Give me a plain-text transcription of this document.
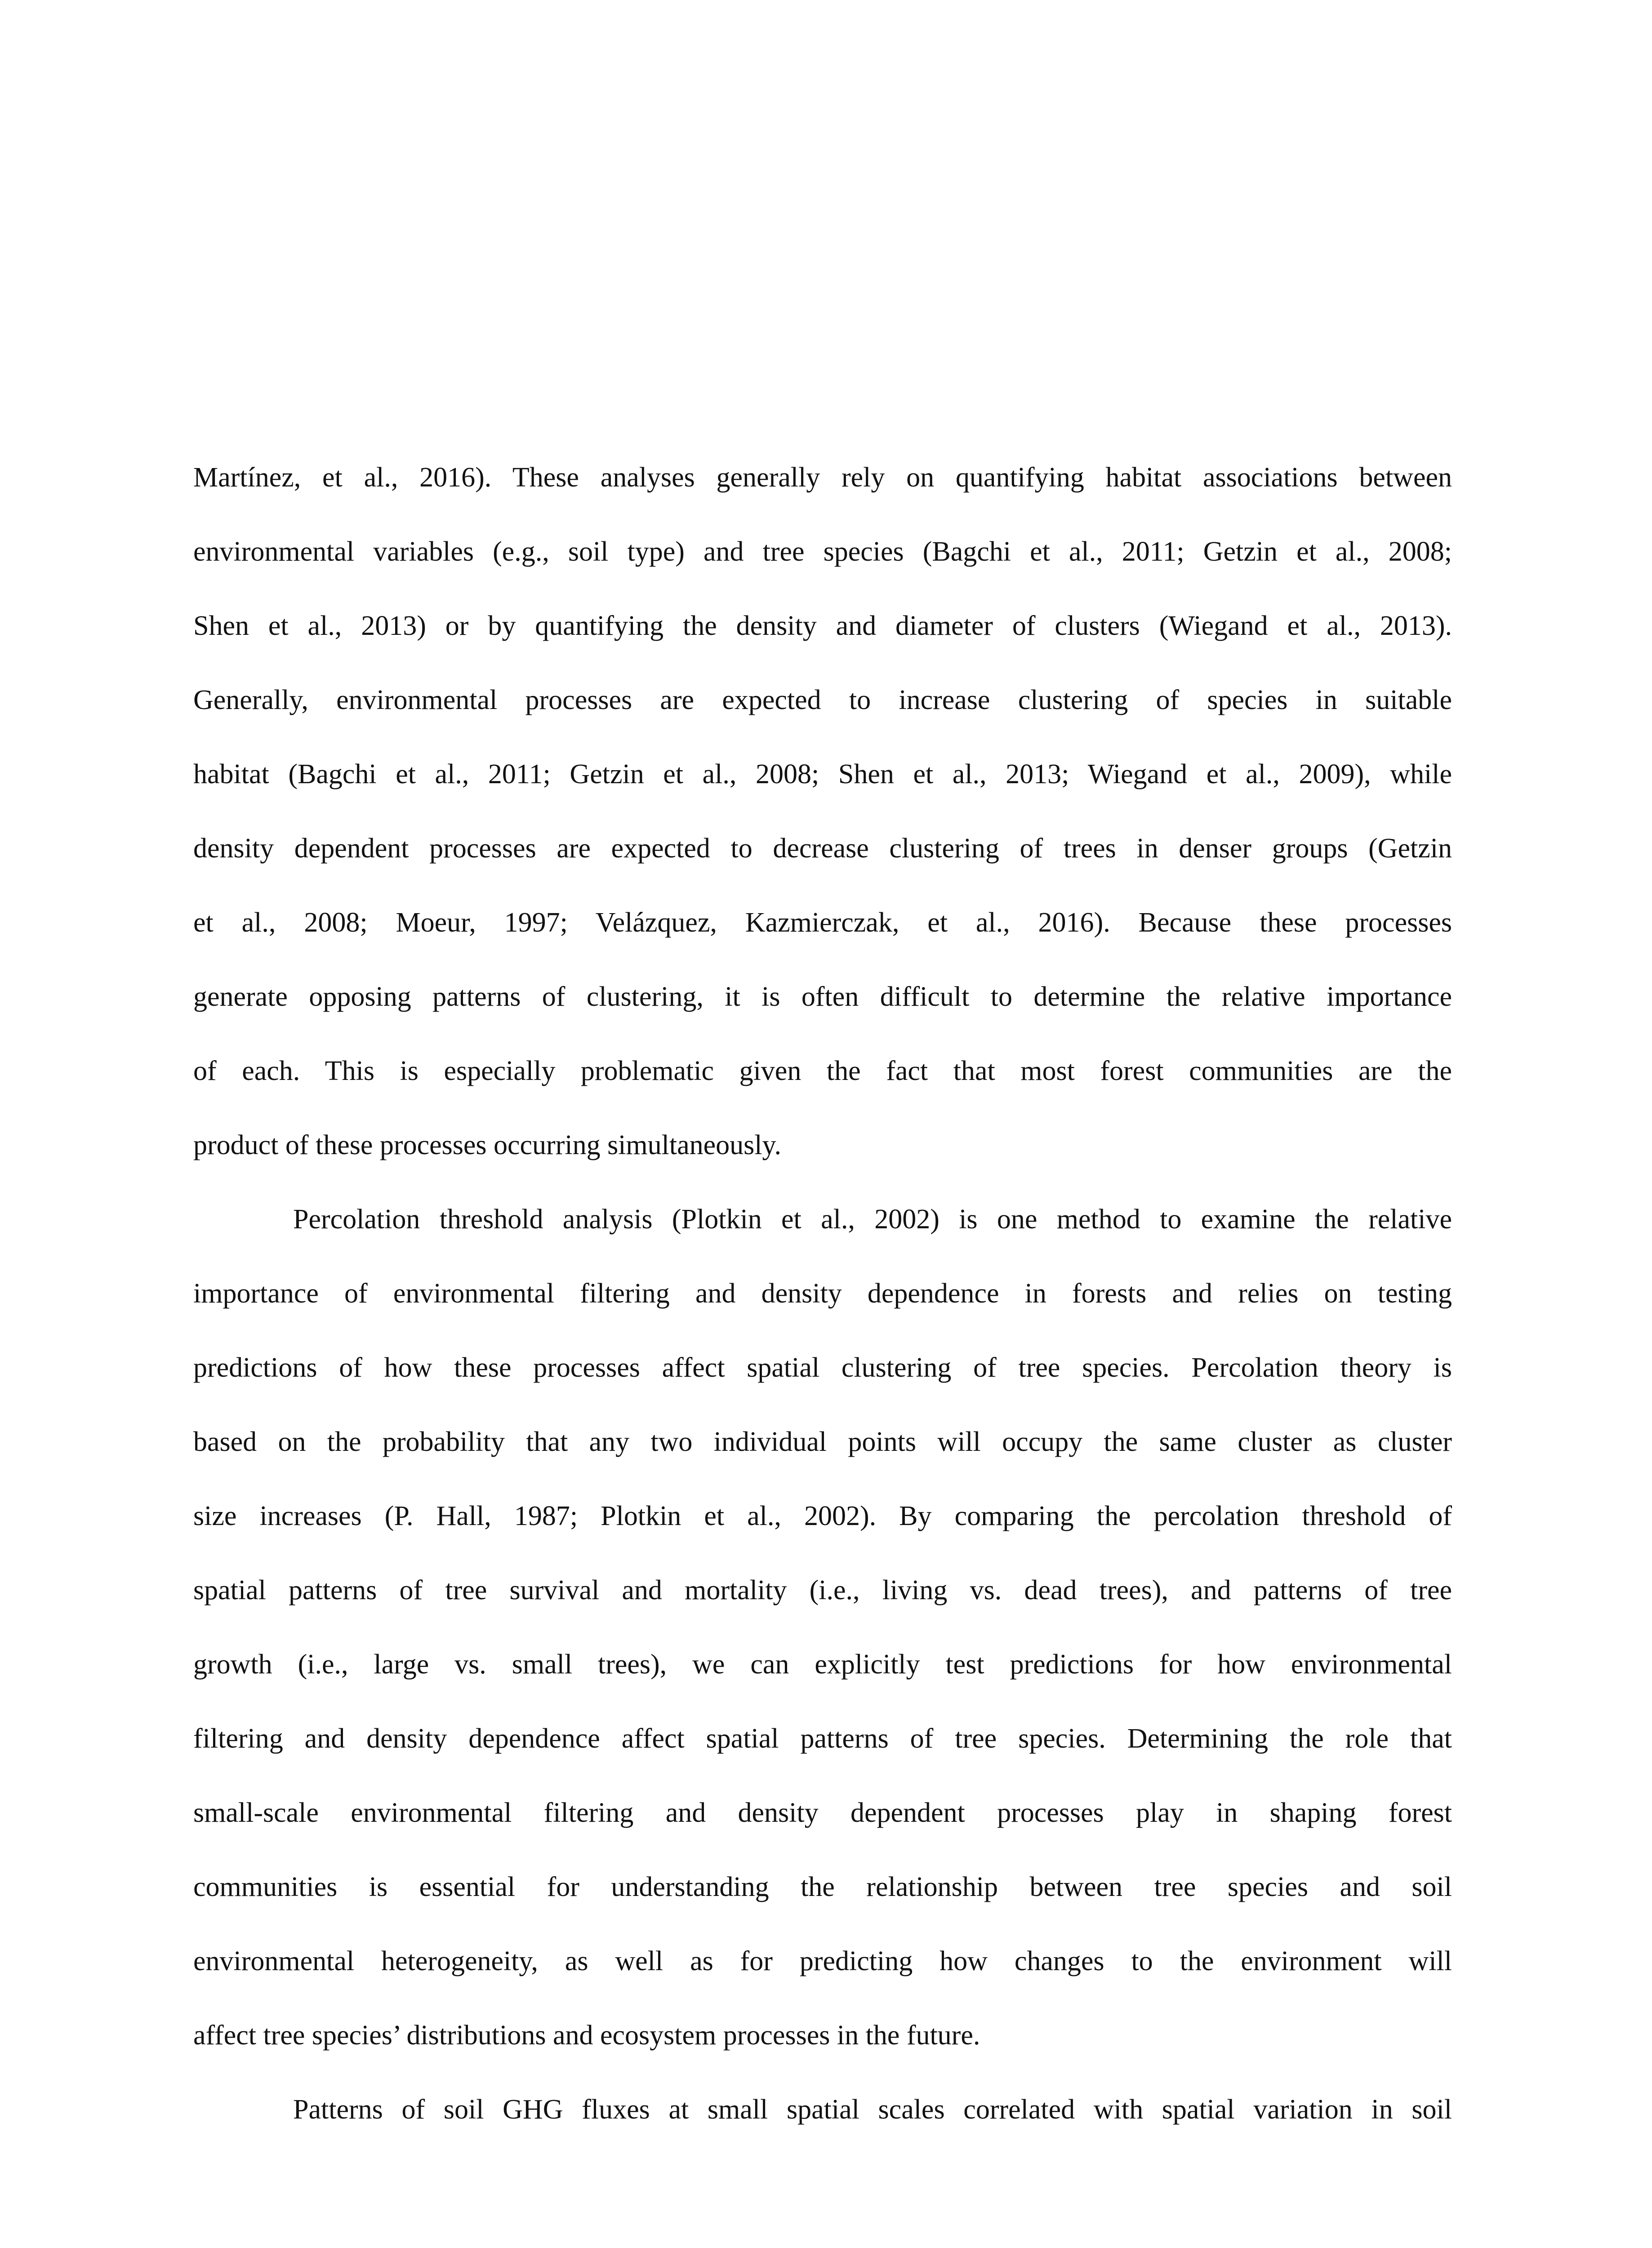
Martínez, et al., 2016). These analyses generally rely on quantifying habitat associations between
environmental variables (e.g., soil type) and tree species (Bagchi et al., 2011; Getzin et al., 2008;
Shen et al., 2013) or by quantifying the density and diameter of clusters (Wiegand et al., 2013).
Generally, environmental processes are expected to increase clustering of species in suitable
habitat (Bagchi et al., 2011; Getzin et al., 2008; Shen et al., 2013; Wiegand et al., 2009), while
density dependent processes are expected to decrease clustering of trees in denser groups (Getzin
et al., 2008; Moeur, 1997; Velázquez, Kazmierczak, et al., 2016). Because these processes
generate opposing patterns of clustering, it is often difficult to determine the relative importance
of each. This is especially problematic given the fact that most forest communities are the
product of these processes occurring simultaneously.
Percolation threshold analysis (Plotkin et al., 2002) is one method to examine the relative
importance of environmental filtering and density dependence in forests and relies on testing
predictions of how these processes affect spatial clustering of tree species. Percolation theory is
based on the probability that any two individual points will occupy the same cluster as cluster
size increases (P. Hall, 1987; Plotkin et al., 2002). By comparing the percolation threshold of
spatial patterns of tree survival and mortality (i.e., living vs. dead trees), and patterns of tree
growth (i.e., large vs. small trees), we can explicitly test predictions for how environmental
filtering and density dependence affect spatial patterns of tree species. Determining the role that
small-scale environmental filtering and density dependent processes play in shaping forest
communities is essential for understanding the relationship between tree species and soil
environmental heterogeneity, as well as for predicting how changes to the environment will
affect tree species’ distributions and ecosystem processes in the future.
Patterns of soil GHG fluxes at small spatial scales correlated with spatial variation in soil
